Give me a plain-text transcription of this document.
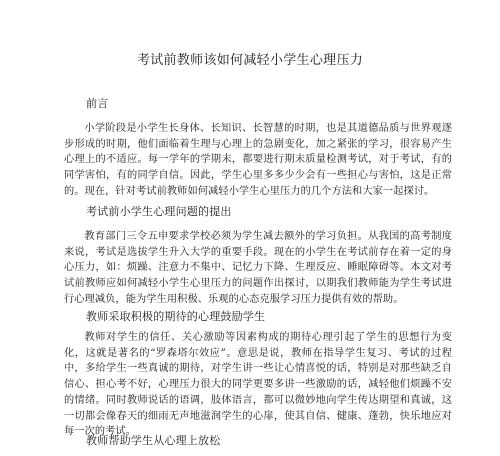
考试前教师该如何减轻小学生心理压力
前言

小学阶段是小学生长身体、长知识、长智慧的时期，也是其道德品质与世界观逐步形成的时期，他们面临着生理与心理上的急剧变化，加之紧张的学习，很容易产生心理上的不适应。每一学年的学期末，都要进行期末质量检测考试，对于考试，有的同学害怕，有的同学自信。因此，学生心里多多少少会有一些担心与害怕，这是正常的。现在，针对考试前教师如何减轻小学生心里压力的几个方法和大家一起探讨。

考试前小学生心理问题的提出

教育部门三令五申要求学校必须为学生减去额外的学习负担。从我国的高考制度来说，考试是选拔学生升入大学的重要手段。现在的小学生在考试前存在着一定的身心压力，如：烦躁、注意力不集中、记忆力下降、生理反应、睡眠障碍等。本文对考试前教师应如何减轻小学生心里压力的问题作出探讨，以期我们教师能为学生考试进行心理减负，能为学生用积极、乐观的心态克服学习压力提供有效的帮助。

教师采取积极的期待的心理鼓励学生

教师对学生的信任、关心激励等因素构成的期待心理引起了学生的思想行为变化，这就是著名的“罗森塔尔效应”。意思是说，教师在指导学生复习、考试的过程中，多给学生一些真诚的期待，对学生讲一些让心情喜悦的话，特别是对那些缺乏自信心、担心考不好，心理压力很大的同学更要多讲一些激励的话，减轻他们烦躁不安的情绪。同时教师说话的语调，肢体语言，都可以微妙地向学生传达期望和真诚，这一切都会像春天的细雨无声地滋润学生的心扉，使其自信、健康、蓬勃，快乐地应对每一次的考试。

教师帮助学生从心理上放松
